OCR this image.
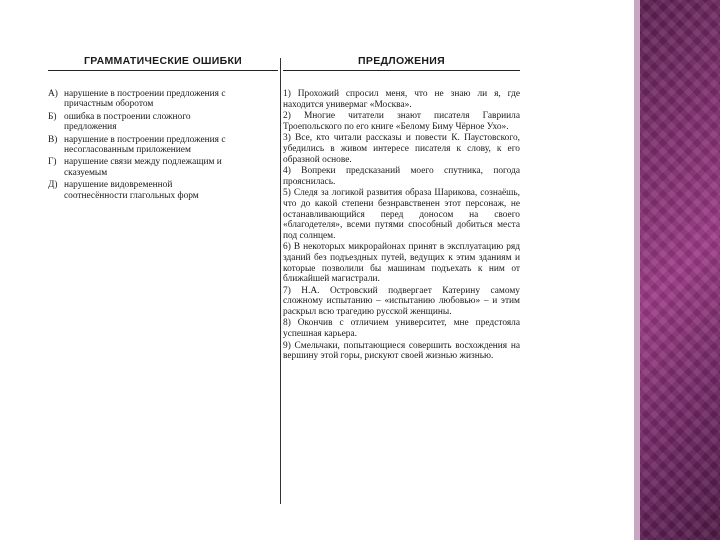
ГРАММАТИЧЕСКИЕ ОШИБКИ
А) нарушение в построении предложения с
причастным оборотом
Б) ошибка в построении сложного
предложения
В) нарушение в построении предложения с
несогласованным приложением
Г) нарушение связи между подлежащим и
сказуемым
Д) нарушение видовременной
соотнесённости глагольных форм
ПРЕДЛОЖЕНИЯ
1) Прохожий спросил меня, что не знаю ли я, где находится универмаг «Москва».
2) Многие читатели знают писателя Гавриила Троепольского по его книге «Белому Биму Чёрное Ухо».
3) Все, кто читали рассказы и повести К. Паустовского, убедились в живом интересе писателя к слову, к его образной основе.
4) Вопреки предсказаний моего спутника, погода прояснилась.
5) Следя за логикой развития образа Шарикова, сознаёшь, что до какой степени безнравственен этот персонаж, не останавливающийся перед доносом на своего «благодетеля», всеми путями способный добиться места под солнцем.
6) В некоторых микрорайонах принят в эксплуатацию ряд зданий без подъездных путей, ведущих к этим зданиям и которые позволили бы машинам подъехать к ним от ближайшей магистрали.
7) Н.А. Островский подвергает Катерину самому сложному испытанию – «испытанию любовью» – и этим раскрыл всю трагедию русской женщины.
8) Окончив с отличием университет, мне предстояла успешная карьера.
9) Смельчаки, попытающиеся совершить восхождения на вершину этой горы, рискуют своей жизнью жизнью.
